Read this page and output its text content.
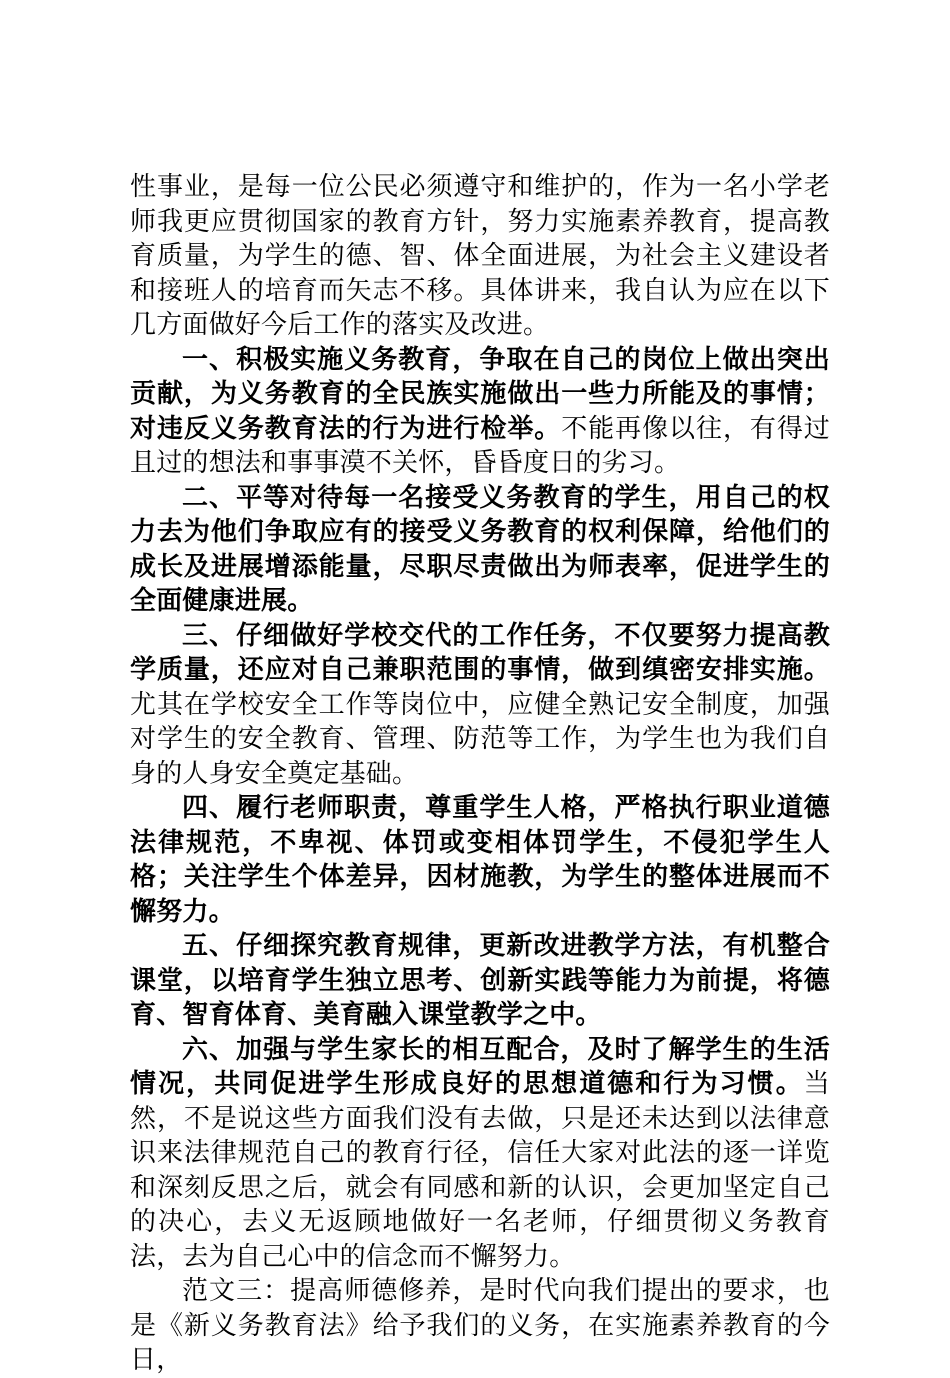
性事业，是每一位公民必须遵守和维护的，作为一名小学老师我更应贯彻国家的教育方针，努力实施素养教育，提高教育质量，为学生的德、智、体全面进展，为社会主义建设者和接班人的培育而矢志不移。具体讲来，我自认为应在以下几方面做好今后工作的落实及改进。

一、积极实施义务教育，争取在自己的岗位上做出突出贡献，为义务教育的全民族实施做出一些力所能及的事情；对违反义务教育法的行为进行检举。不能再像以往，有得过且过的想法和事事漠不关怀，昏昏度日的劣习。

二、平等对待每一名接受义务教育的学生，用自己的权力去为他们争取应有的接受义务教育的权利保障，给他们的成长及进展增添能量，尽职尽责做出为师表率，促进学生的全面健康进展。

三、仔细做好学校交代的工作任务，不仅要努力提高教学质量，还应对自己兼职范围的事情，做到缜密安排实施。尤其在学校安全工作等岗位中，应健全熟记安全制度，加强对学生的安全教育、管理、防范等工作，为学生也为我们自身的人身安全奠定基础。

四、履行老师职责，尊重学生人格，严格执行职业道德法律规范，不卑视、体罚或变相体罚学生，不侵犯学生人格；关注学生个体差异，因材施教，为学生的整体进展而不懈努力。

五、仔细探究教育规律，更新改进教学方法，有机整合课堂，以培育学生独立思考、创新实践等能力为前提，将德育、智育体育、美育融入课堂教学之中。

六、加强与学生家长的相互配合，及时了解学生的生活情况，共同促进学生形成良好的思想道德和行为习惯。当然，不是说这些方面我们没有去做，只是还未达到以法律意识来法律规范自己的教育行径，信任大家对此法的逐一详览和深刻反思之后，就会有同感和新的认识，会更加坚定自己的决心，去义无返顾地做好一名老师，仔细贯彻义务教育法，去为自己心中的信念而不懈努力。

范文三：提高师德修养，是时代向我们提出的要求，也是《新义务教育法》给予我们的义务，在实施素养教育的今日，
